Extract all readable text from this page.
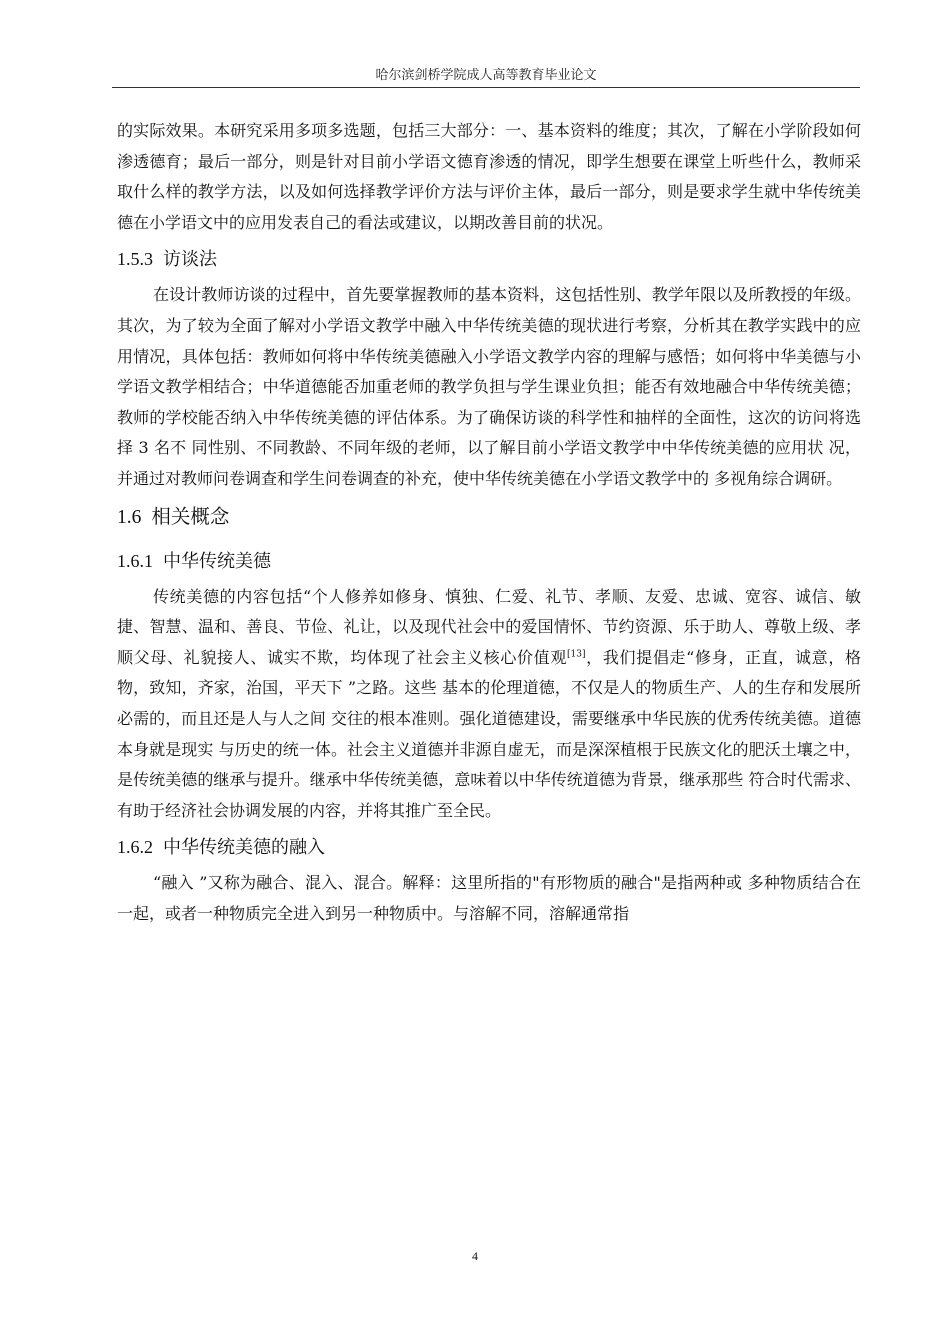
哈尔滨剑桥学院成人高等教育毕业论文

的实际效果。本研究采用多项多选题，包括三大部分：一、基本资料的维度；其次，了解在小学阶段如何渗透德育；最后一部分，则是针对目前小学语文德育渗透的情况，即学生想要在课堂上听些什么，教师采取什么样的教学方法，以及如何选择教学评价方法与评价主体，最后一部分，则是要求学生就中华传统美德在小学语文中的应用发表自己的看法或建议，以期改善目前的状况。

1.5.3 访谈法

在设计教师访谈的过程中，首先要掌握教师的基本资料，这包括性别、教学年限以及所教授的年级。其次，为了较为全面了解对小学语文教学中融入中华传统美德的现状进行考察，分析其在教学实践中的应用情况，具体包括：教师如何将中华传统美德融入小学语文教学内容的理解与感悟；如何将中华美德与小学语文教学相结合；中华道德能否加重老师的教学负担与学生课业负担；能否有效地融合中华传统美德；教师的学校能否纳入中华传统美德的评估体系。为了确保访谈的科学性和抽样的全面性，这次的访问将选择 3 名不 同性别、不同教龄、不同年级的老师，以了解目前小学语文教学中中华传统美德的应用状 况，并通过对教师问卷调查和学生问卷调查的补充，使中华传统美德在小学语文教学中的 多视角综合调研。

1.6 相关概念
1.6.1 中华传统美德

传统美德的内容包括“个人修养如修身、慎独、仁爱、礼节、孝顺、友爱、忠诚、宽容、诚信、敏捷、智慧、温和、善良、节俭、礼让，以及现代社会中的爱国情怀、节约资源、乐于助人、尊敬上级、孝顺父母、礼貌接人、诚实不欺，均体现了社会主义核心价值观[13]，我们提倡走“修身，正直，诚意，格物，致知，齐家，治国，平天下 ”之路。这些 基本的伦理道德，不仅是人的物质生产、人的生存和发展所必需的，而且还是人与人之间 交往的根本准则。强化道德建设，需要继承中华民族的优秀传统美德。道德本身就是现实 与历史的统一体。社会主义道德并非源自虚无，而是深深植根于民族文化的肥沃土壤之中， 是传统美德的继承与提升。继承中华传统美德，意味着以中华传统道德为背景，继承那些 符合时代需求、有助于经济社会协调发展的内容，并将其推广至全民。

1.6.2 中华传统美德的融入

“融入 ”又称为融合、混入、混合。解释：这里所指的"有形物质的融合"是指两种或 多种物质结合在一起，或者一种物质完全进入到另一种物质中。与溶解不同，溶解通常指

4
